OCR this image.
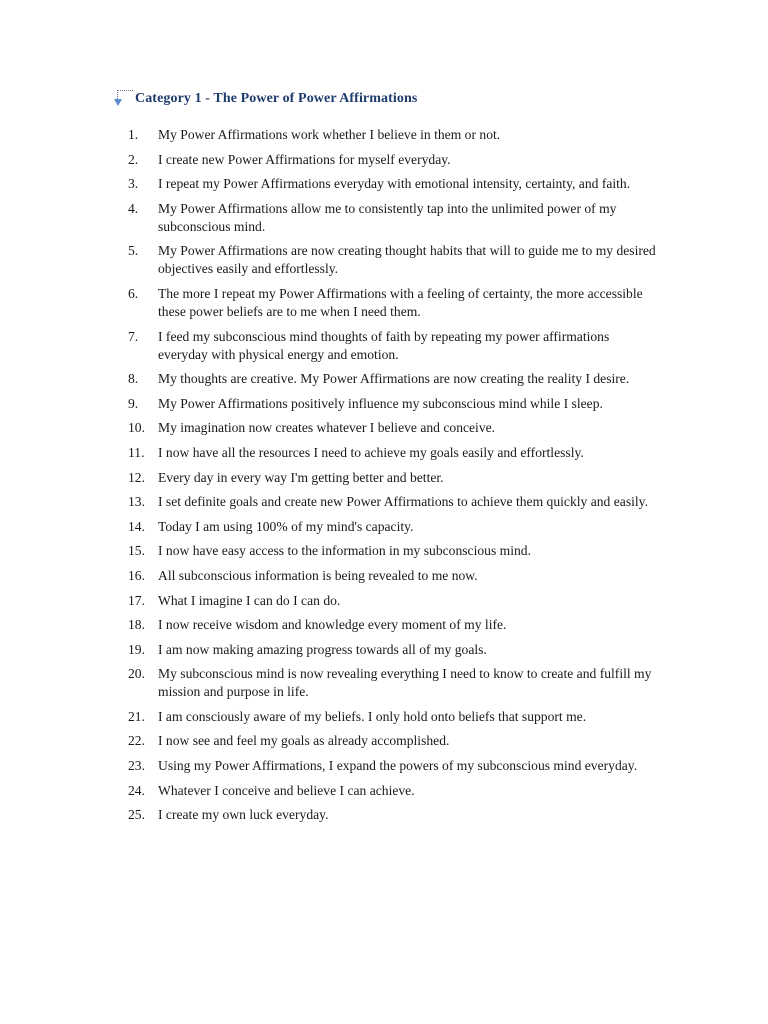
Category 1 - The Power of Power Affirmations
1.	My Power Affirmations work whether I believe in them or not.
2.	I create new Power Affirmations for myself everyday.
3.	I repeat my Power Affirmations everyday with emotional intensity, certainty, and faith.
4.	My Power Affirmations allow me to consistently tap into the unlimited power of my subconscious mind.
5.	My Power Affirmations are now creating thought habits that will to guide me to my desired objectives easily and effortlessly.
6.	The more I repeat my Power Affirmations with a feeling of certainty, the more accessible these power beliefs are to me when I need them.
7.	I feed my subconscious mind thoughts of faith by repeating my power affirmations everyday with physical energy and emotion.
8.	My thoughts are creative. My Power Affirmations are now creating the reality I desire.
9.	My Power Affirmations positively influence my subconscious mind while I sleep.
10. My imagination now creates whatever I believe and conceive.
11. I now have all the resources I need to achieve my goals easily and effortlessly.
12. Every day in every way I'm getting better and better.
13. I set definite goals and create new Power Affirmations to achieve them quickly and easily.
14. Today I am using 100% of my mind's capacity.
15. I now have easy access to the information in my subconscious mind.
16. All subconscious information is being revealed to me now.
17. What I imagine I can do I can do.
18. I now receive wisdom and knowledge every moment of my life.
19. I am now making amazing progress towards all of my goals.
20. My subconscious mind is now revealing everything I need to know to create and fulfill my mission and purpose in life.
21. I am consciously aware of my beliefs. I only hold onto beliefs that support me.
22. I now see and feel my goals as already accomplished.
23. Using my Power Affirmations, I expand the powers of my subconscious mind everyday.
24. Whatever I conceive and believe I can achieve.
25. I create my own luck everyday.
